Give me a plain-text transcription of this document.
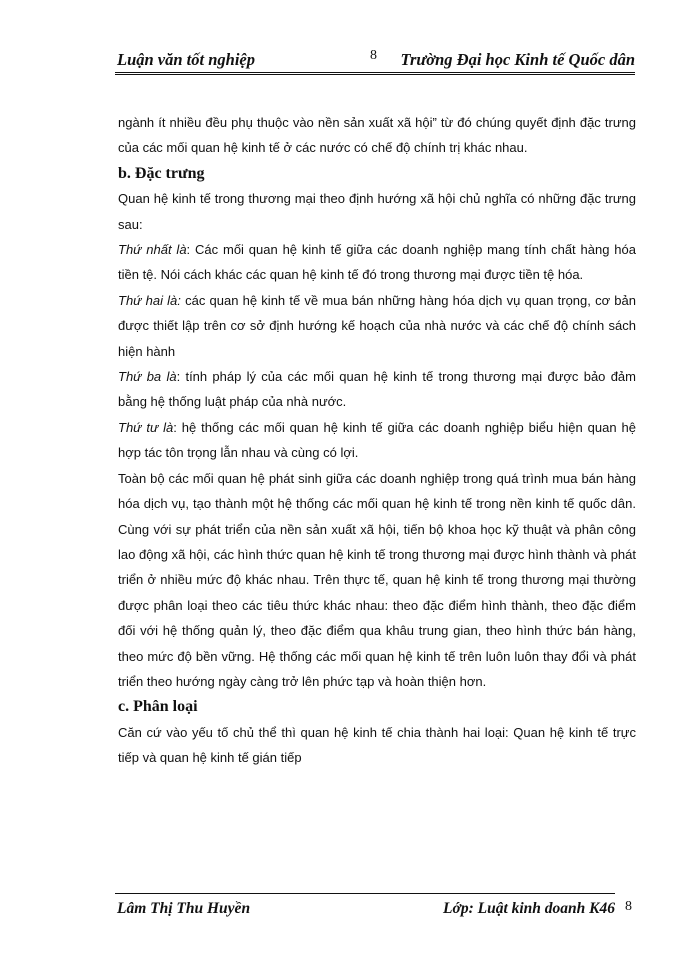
Luận văn tốt nghiệp	8 Trường Đại học Kinh tế Quốc dân

ngành ít nhiều đều phụ thuộc vào nền sản xuất xã hội” từ đó chúng quyết định đặc trưng của các mối quan hệ kinh tế ở các nước có chế độ chính trị khác nhau.

b. Đặc trưng

Quan hệ kinh tế trong thương mại theo định hướng xã hội chủ nghĩa có những đặc trưng sau:

Thứ nhất là: Các mối quan hệ kinh tế giữa các doanh nghiệp mang tính chất hàng hóa tiền tệ. Nói cách khác các quan hệ kinh tế đó trong thương mại được tiền tệ hóa.

Thứ hai là: các quan hệ kinh tế về mua bán những hàng hóa dịch vụ quan trọng, cơ bản được thiết lập trên cơ sở định hướng kế hoạch của nhà nước và các chế độ chính sách hiện hành

Thứ ba là: tính pháp lý của các mối quan hệ kinh tế trong thương mại được bảo đảm bằng hệ thống luật pháp của nhà nước.

Thứ tư là: hệ thống các mối quan hệ kinh tế giữa các doanh nghiệp biểu hiện quan hệ hợp tác tôn trọng lẫn nhau và cùng có lợi.

Toàn bộ các mối quan hệ phát sinh giữa các doanh nghiệp trong quá trình mua bán hàng hóa dịch vụ, tạo thành một hệ thống các mối quan hệ kinh tế trong nền kinh tế quốc dân. Cùng với sự phát triển của nền sản xuất xã hội, tiến bộ khoa học kỹ thuật và phân công lao động xã hội, các hình thức quan hệ kinh tế trong thương mại được hình thành và phát triển ở nhiều mức độ khác nhau. Trên thực tế, quan hệ kinh tế trong thương mại thường được phân loại theo các tiêu thức khác nhau: theo đặc điểm hình thành, theo đặc điểm đối với hệ thống quản lý, theo đặc điểm qua khâu trung gian, theo hình thức bán hàng, theo mức độ bền vững. Hệ thống các mối quan hệ kinh tế trên luôn luôn thay đổi và phát triển theo hướng ngày càng trở lên phức tạp và hoàn thiện hơn.

c. Phân loại

Căn cứ vào yếu tố chủ thể thì quan hệ kinh tế chia thành hai loại: Quan hệ kinh tế trực tiếp và quan hệ kinh tế gián tiếp

Lâm Thị Thu Huyền	Lớp: Luật kinh doanh K46 8
